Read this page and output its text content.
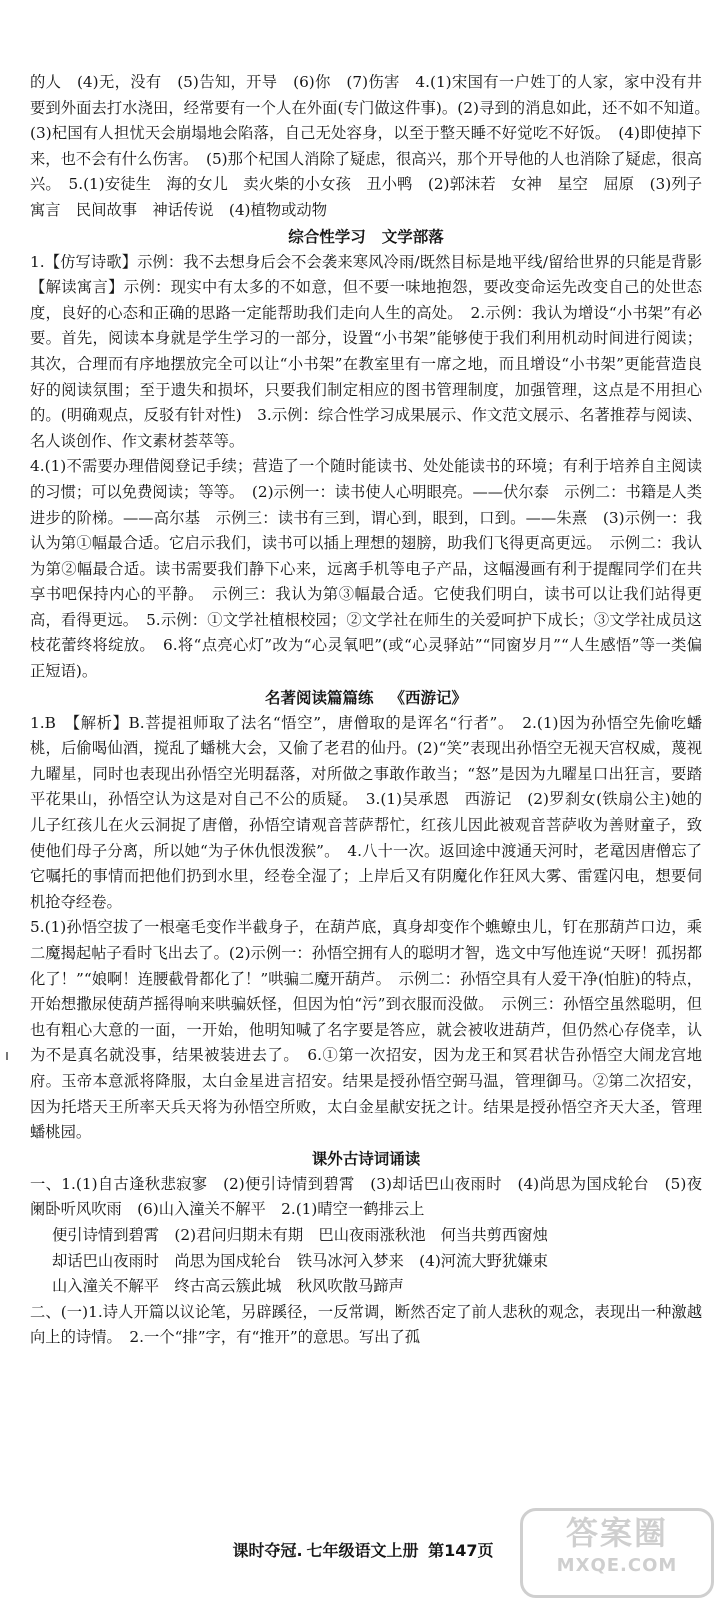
的人　(4)无，没有　(5)告知，开导　(6)你　(7)伤害　4.(1)宋国有一户姓丁的人家，家中没有井要到外面去打水浇田，经常要有一个人在外面(专门做这件事)。(2)寻到的消息如此，还不如不知道。　(3)杞国有人担忧天会崩塌地会陷落，自己无处容身，以至于整天睡不好觉吃不好饭。　(4)即使掉下来，也不会有什么伤害。　(5)那个杞国人消除了疑虑，很高兴，那个开导他的人也消除了疑虑，很高兴。　5.(1)安徒生　海的女儿　卖火柴的小女孩　丑小鸭　(2)郭沫若　女神　星空　屈原　(3)列子　寓言　民间故事　神话传说　(4)植物或动物

综合性学习 文学部落

1.【仿写诗歌】示例：我不去想身后会不会袭来寒风冷雨/既然目标是地平线/留给世界的只能是背影　【解读寓言】示例：现实中有太多的不如意，但不要一味地抱怨，要改变命运先改变自己的处世态度，良好的心态和正确的思路一定能帮助我们走向人生的高处。　2.示例：我认为增设“小书架”有必要。首先，阅读本身就是学生学习的一部分，设置“小书架”能够使于我们利用机动时间进行阅读；其次，合理而有序地摆放完全可以让“小书架”在教室里有一席之地，而且增设“小书架”更能营造良好的阅读氛围；至于遗失和损坏，只要我们制定相应的图书管理制度，加强管理，这点是不用担心的。(明确观点，反驳有针对性)　3.示例：综合性学习成果展示、作文范文展示、名著推荐与阅读、名人谈创作、作文素材荟萃等。

4.(1)不需要办理借阅登记手续；营造了一个随时能读书、处处能读书的环境；有利于培养自主阅读的习惯；可以免费阅读；等等。　(2)示例一：读书使人心明眼亮。——伏尔泰　示例二：书籍是人类进步的阶梯。——高尔基　示例三：读书有三到，谓心到，眼到，口到。——朱熹　(3)示例一：我认为第①幅最合适。它启示我们，读书可以插上理想的翅膀，助我们飞得更高更远。　示例二：我认为第②幅最合适。读书需要我们静下心来，远离手机等电子产品，这幅漫画有利于提醒同学们在共享书吧保持内心的平静。　示例三：我认为第③幅最合适。它使我们明白，读书可以让我们站得更高，看得更远。　5.示例：①文学社植根校园；②文学社在师生的关爱呵护下成长；③文学社成员这枝花蕾终将绽放。　6.将“点亮心灯”改为“心灵氧吧”(或“心灵驿站”“同窗岁月”“人生感悟”等一类偏正短语)。

名著阅读篇篇练 《西游记》

1.B　【解析】B.菩提祖师取了法名“悟空”，唐僧取的是诨名“行者”。　2.(1)因为孙悟空先偷吃蟠桃，后偷喝仙酒，搅乱了蟠桃大会，又偷了老君的仙丹。(2)“笑”表现出孙悟空无视天宫权威，蔑视九曜星，同时也表现出孙悟空光明磊落，对所做之事敢作敢当；“怒”是因为九曜星口出狂言，要踏平花果山，孙悟空认为这是对自己不公的质疑。　3.(1)吴承恩　西游记　(2)罗刹女(铁扇公主)她的儿子红孩儿在火云洞捉了唐僧，孙悟空请观音菩萨帮忙，红孩儿因此被观音菩萨收为善财童子，致使他们母子分离，所以她“为子休仇恨泼猴”。　4.八十一次。返回途中渡通天河时，老鼋因唐僧忘了它嘱托的事情而把他们扔到水里，经卷全湿了；上岸后又有阴魔化作狂风大雾、雷霆闪电，想要伺机抢夺经卷。

5.(1)孙悟空拔了一根毫毛变作半截身子，在葫芦底，真身却变作个蟭蟟虫儿，钉在那葫芦口边，乘二魔揭起帖子看时飞出去了。(2)示例一：孙悟空拥有人的聪明才智，选文中写他连说“天呀！孤拐都化了！”“娘啊！连腰截骨都化了！”哄骗二魔开葫芦。　示例二：孙悟空具有人爱干净(怕脏)的特点，开始想撒尿使葫芦摇得响来哄骗妖怪，但因为怕“污”到衣服而没做。　示例三：孙悟空虽然聪明，但也有粗心大意的一面，一开始，他明知喊了名字要是答应，就会被收进葫芦，但仍然心存侥幸，认为不是真名就没事，结果被装进去了。　6.①第一次招安，因为龙王和冥君状告孙悟空大闹龙宫地府。玉帝本意派将降服，太白金星进言招安。结果是授孙悟空弼马温，管理御马。②第二次招安，因为托塔天王所率天兵天将为孙悟空所败，太白金星献安抚之计。结果是授孙悟空齐天大圣，管理蟠桃园。

课外古诗词诵读

一、1.(1)自古逢秋悲寂寥　(2)便引诗情到碧霄　(3)却话巴山夜雨时　(4)尚思为国戍轮台　(5)夜阑卧听风吹雨　(6)山入潼关不解平　2.(1)晴空一鹤排云上

便引诗情到碧霄　(2)君问归期未有期　巴山夜雨涨秋池　何当共剪西窗烛

却话巴山夜雨时　尚思为国戍轮台　铁马冰河入梦来　(4)河流大野犹嫌束

山入潼关不解平　终古高云簇此城　秋风吹散马蹄声

二、(一)1.诗人开篇以议论笔，另辟蹊径，一反常调，断然否定了前人悲秋的观念，表现出一种激越向上的诗情。　2.一个“排”字，有“推开”的意思。写出了孤

课时夺冠. 七年级语文上册 第147页	答案圈
MXQE.COM
